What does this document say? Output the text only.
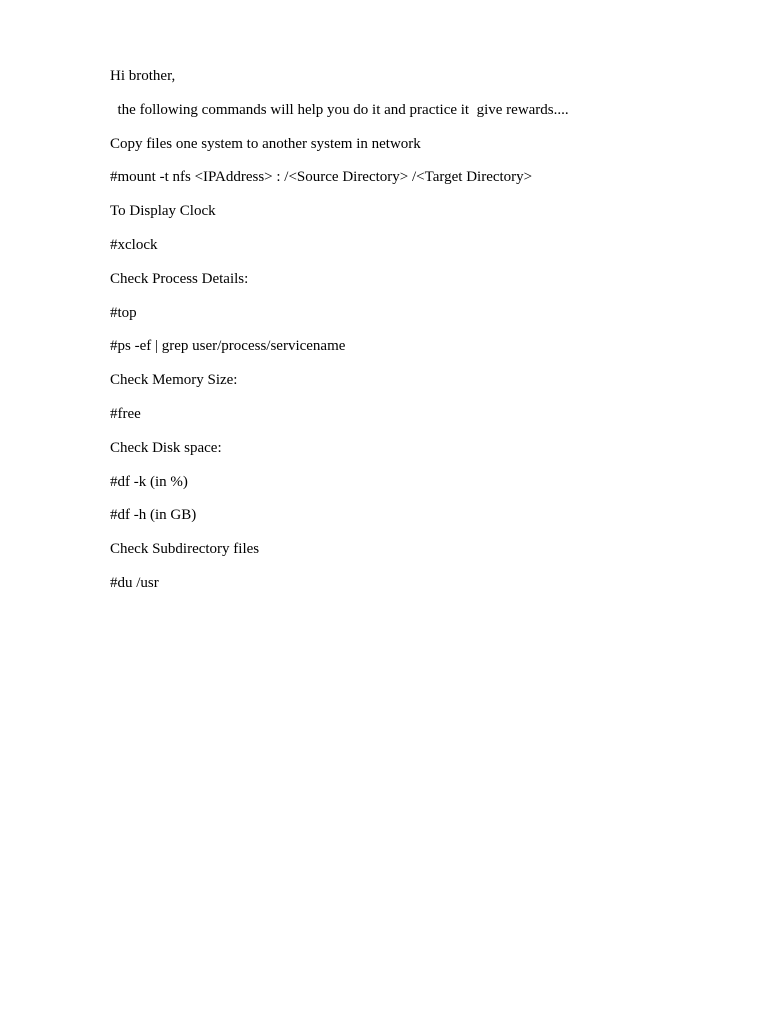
Hi brother,
the following commands will help you do it and practice it  give rewards....
Copy files one system to another system in network
#mount -t nfs <IPAddress> : /<Source Directory> /<Target Directory>
To Display Clock
#xclock
Check Process Details:
#top
#ps -ef | grep user/process/servicename
Check Memory Size:
#free
Check Disk space:
#df -k (in %)
#df -h (in GB)
Check Subdirectory files
#du /usr
